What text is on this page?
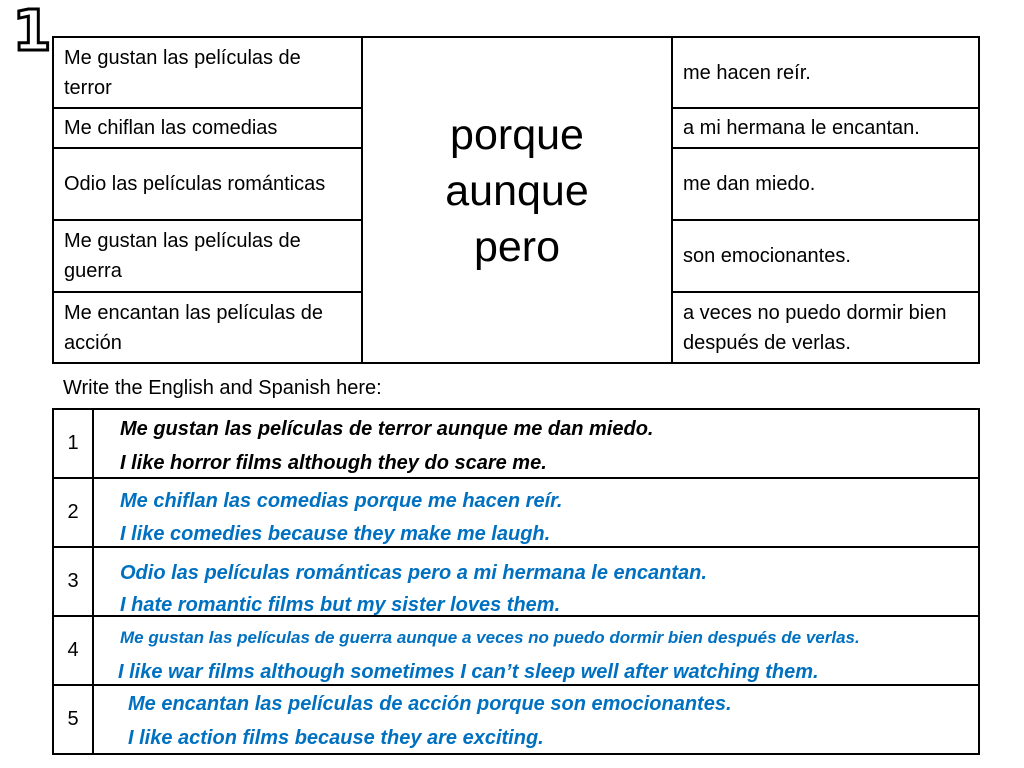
1 Me gustan las películas de terror
Me chiflan las comedias
Odio las películas románticas
Me gustan las películas de guerra
Me encantan las películas de acción
porque
aunque
pero
me hacen reír.
a mi hermana le encantan.
me dan miedo.
son emocionantes.
a veces no puedo dormir bien después de verlas.
Write the English and Spanish here:
1
Me gustan las películas de terror aunque me dan miedo.
I like horror films although they do scare me.
2	Me chiflan las comedias porque me hacen reír.
I like comedies because they make me laugh.
3	Odio las películas románticas pero a mi hermana le encantan.
I hate romantic films but my sister loves them.
4
Me gustan las películas de guerra aunque a veces no puedo dormir bien después de verlas.
I like war films although sometimes I can’t sleep well after watching them.
5
Me encantan las películas de acción porque son emocionantes.
I like action films because they are exciting.
